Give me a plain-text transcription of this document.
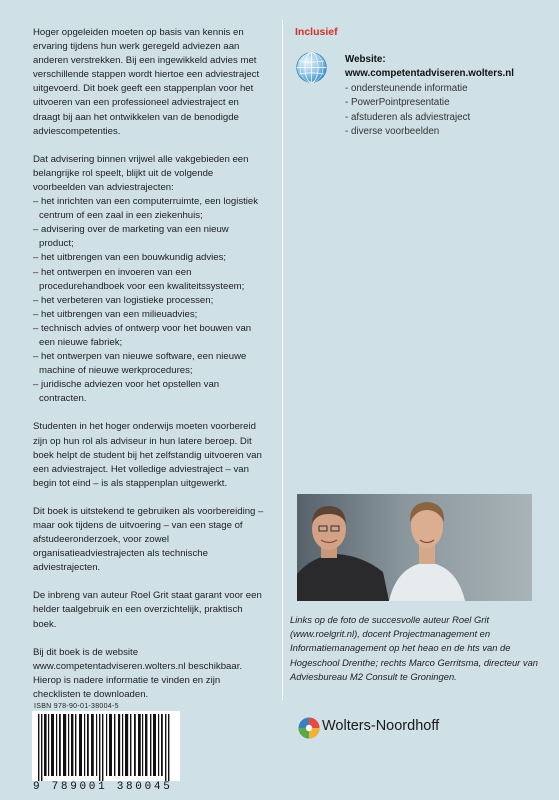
Hoger opgeleiden moeten op basis van kennis en ervaring tijdens hun werk geregeld adviezen aan anderen verstrekken. Bij een ingewikkeld advies met verschillende stappen wordt hiertoe een adviestraject uitgevoerd. Dit boek geeft een stappenplan voor het uitvoeren van een professioneel adviestraject en draagt bij aan het ontwikkelen van de benodigde adviescompetenties.

Dat advisering binnen vrijwel alle vakgebieden een belangrijke rol speelt, blijkt uit de volgende voorbeelden van adviestrajecten:

– het inrichten van een computerruimte, een logistiek centrum of een zaal in een ziekenhuis;
– advisering over de marketing van een nieuw product;
– het uitbrengen van een bouwkundig advies;
– het ontwerpen en invoeren van een procedurehandboek voor een kwaliteitssysteem;
– het verbeteren van logistieke processen;
– het uitbrengen van een milieuadvies;
– technisch advies of ontwerp voor het bouwen van een nieuwe fabriek;
– het ontwerpen van nieuwe software, een nieuwe machine of nieuwe werkprocedures;
– juridische adviezen voor het opstellen van contracten.

Studenten in het hoger onderwijs moeten voorbereid zijn op hun rol als adviseur in hun latere beroep. Dit boek helpt de student bij het zelfstandig uitvoeren van een adviestraject. Het volledige adviestraject – van begin tot eind – is als stappenplan uitgewerkt.

Dit boek is uitstekend te gebruiken als voorbereiding – maar ook tijdens de uitvoering – van een stage of afstudeeronderzoek, voor zowel organisatieadviestrajecten als technische adviestrajecten.

De inbreng van auteur Roel Grit staat garant voor een helder taalgebruik en een overzichtelijk, praktisch boek.

Bij dit boek is de website www.competentadviseren.wolters.nl beschikbaar. Hierop is nadere informatie te vinden en zijn checklisten te downloaden.

Inclusief
Website:
www.competentadviseren.wolters.nl
- ondersteunende informatie
- PowerPointpresentatie
- afstuderen als adviestraject
- diverse voorbeelden
Links op de foto de succesvolle auteur Roel Grit (www.roelgrit.nl), docent Projectmanagement en Informatiemanagement op het heao en de hts van de Hogeschool Drenthe; rechts Marco Gerritsma, directeur van Adviesbureau M2 Consult te Groningen.
ISBN 978-90-01-38004-5
9 789001 380045
Wolters-Noordhoff
